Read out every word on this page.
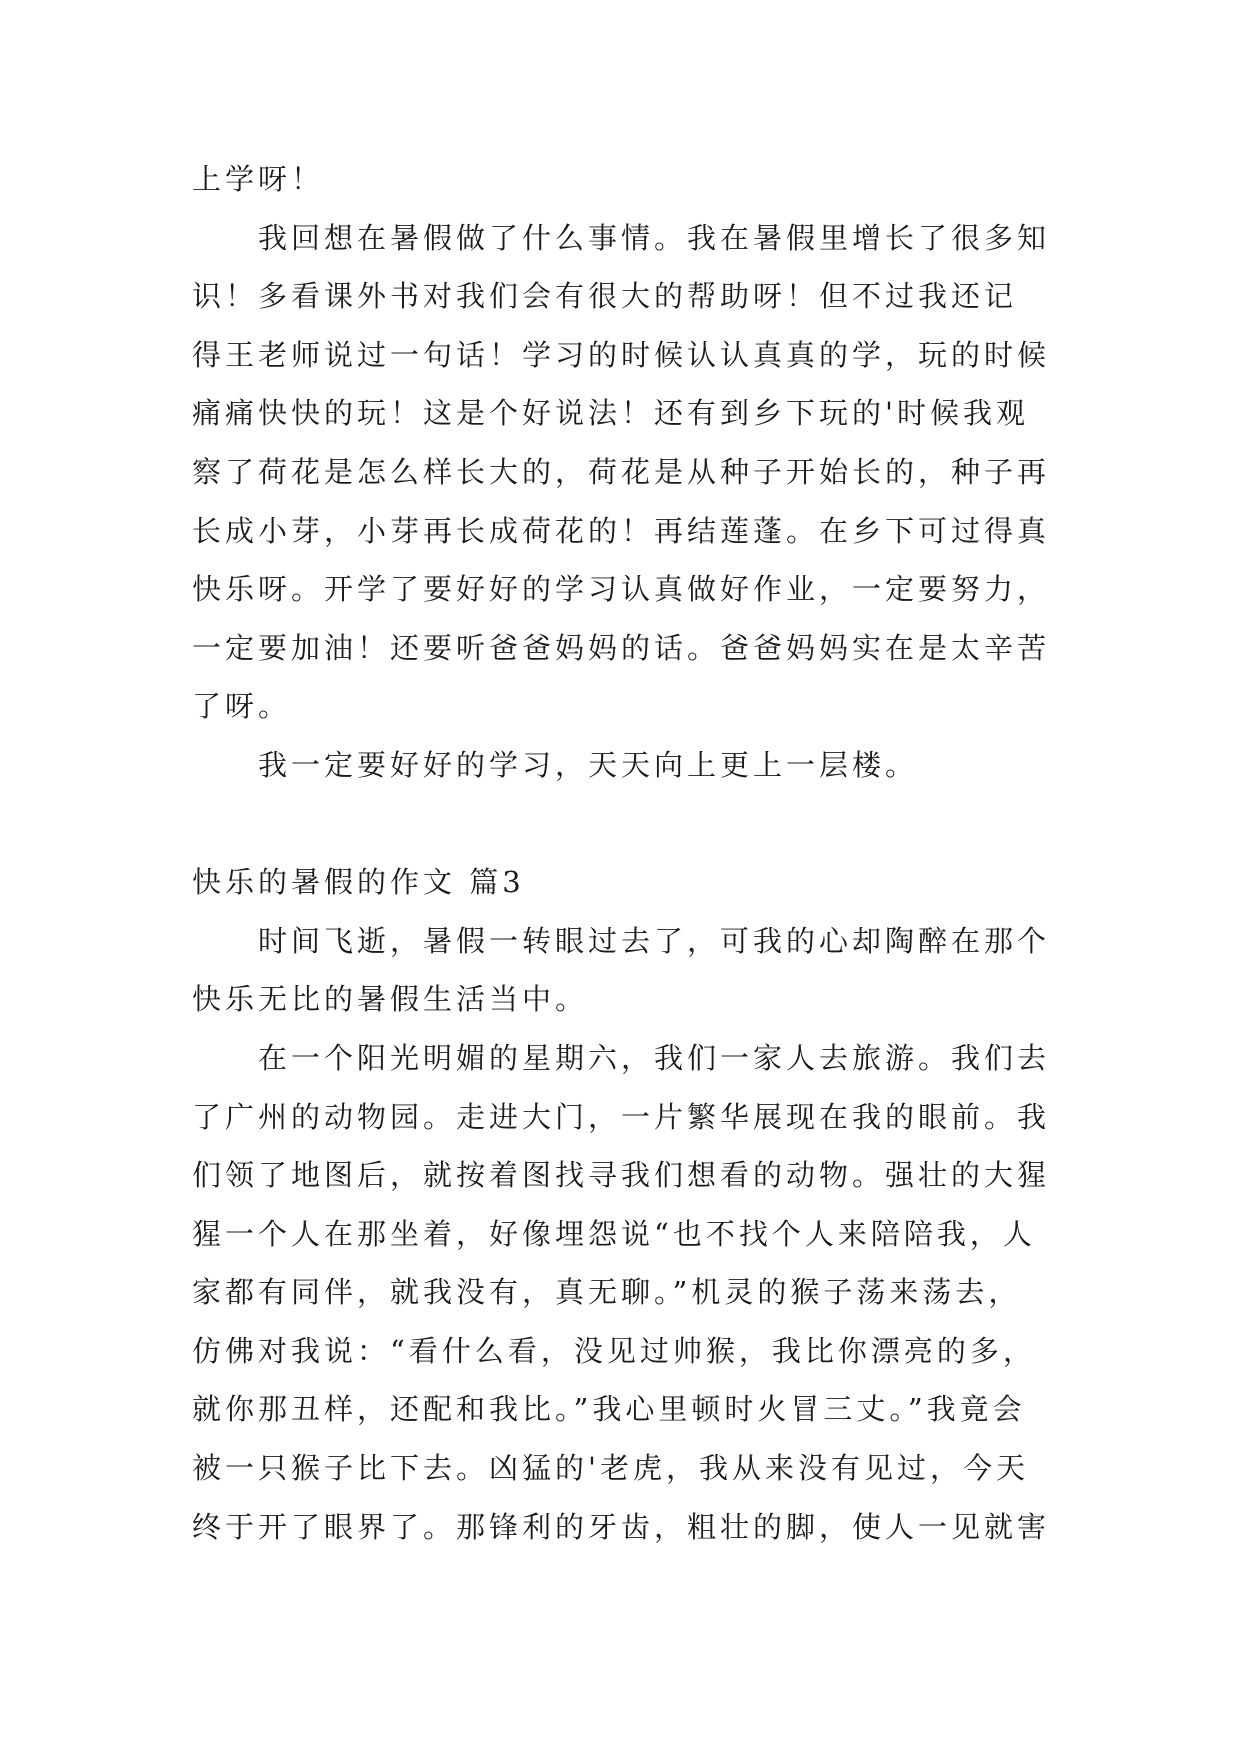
上学呀！
我回想在暑假做了什么事情。我在暑假里增长了很多知
识！多看课外书对我们会有很大的帮助呀！但不过我还记
得王老师说过一句话！学习的时候认认真真的学，玩的时候
痛痛快快的玩！这是个好说法！还有到乡下玩的'时候我观
察了荷花是怎么样长大的，荷花是从种子开始长的，种子再
长成小芽，小芽再长成荷花的！再结莲蓬。在乡下可过得真
快乐呀。开学了要好好的学习认真做好作业，一定要努力，
一定要加油！还要听爸爸妈妈的话。爸爸妈妈实在是太辛苦
了呀。
我一定要好好的学习，天天向上更上一层楼。
快乐的暑假的作文 篇3
时间飞逝，暑假一转眼过去了，可我的心却陶醉在那个
快乐无比的暑假生活当中。
在一个阳光明媚的星期六，我们一家人去旅游。我们去
了广州的动物园。走进大门，一片繁华展现在我的眼前。我
们领了地图后，就按着图找寻我们想看的动物。强壮的大猩
猩一个人在那坐着，好像埋怨说“也不找个人来陪陪我，人
家都有同伴，就我没有，真无聊。”机灵的猴子荡来荡去，
仿佛对我说：“看什么看，没见过帅猴，我比你漂亮的多，
就你那丑样，还配和我比。”我心里顿时火冒三丈。”我竟会
被一只猴子比下去。凶猛的'老虎，我从来没有见过，今天
终于开了眼界了。那锋利的牙齿，粗壮的脚，使人一见就害
